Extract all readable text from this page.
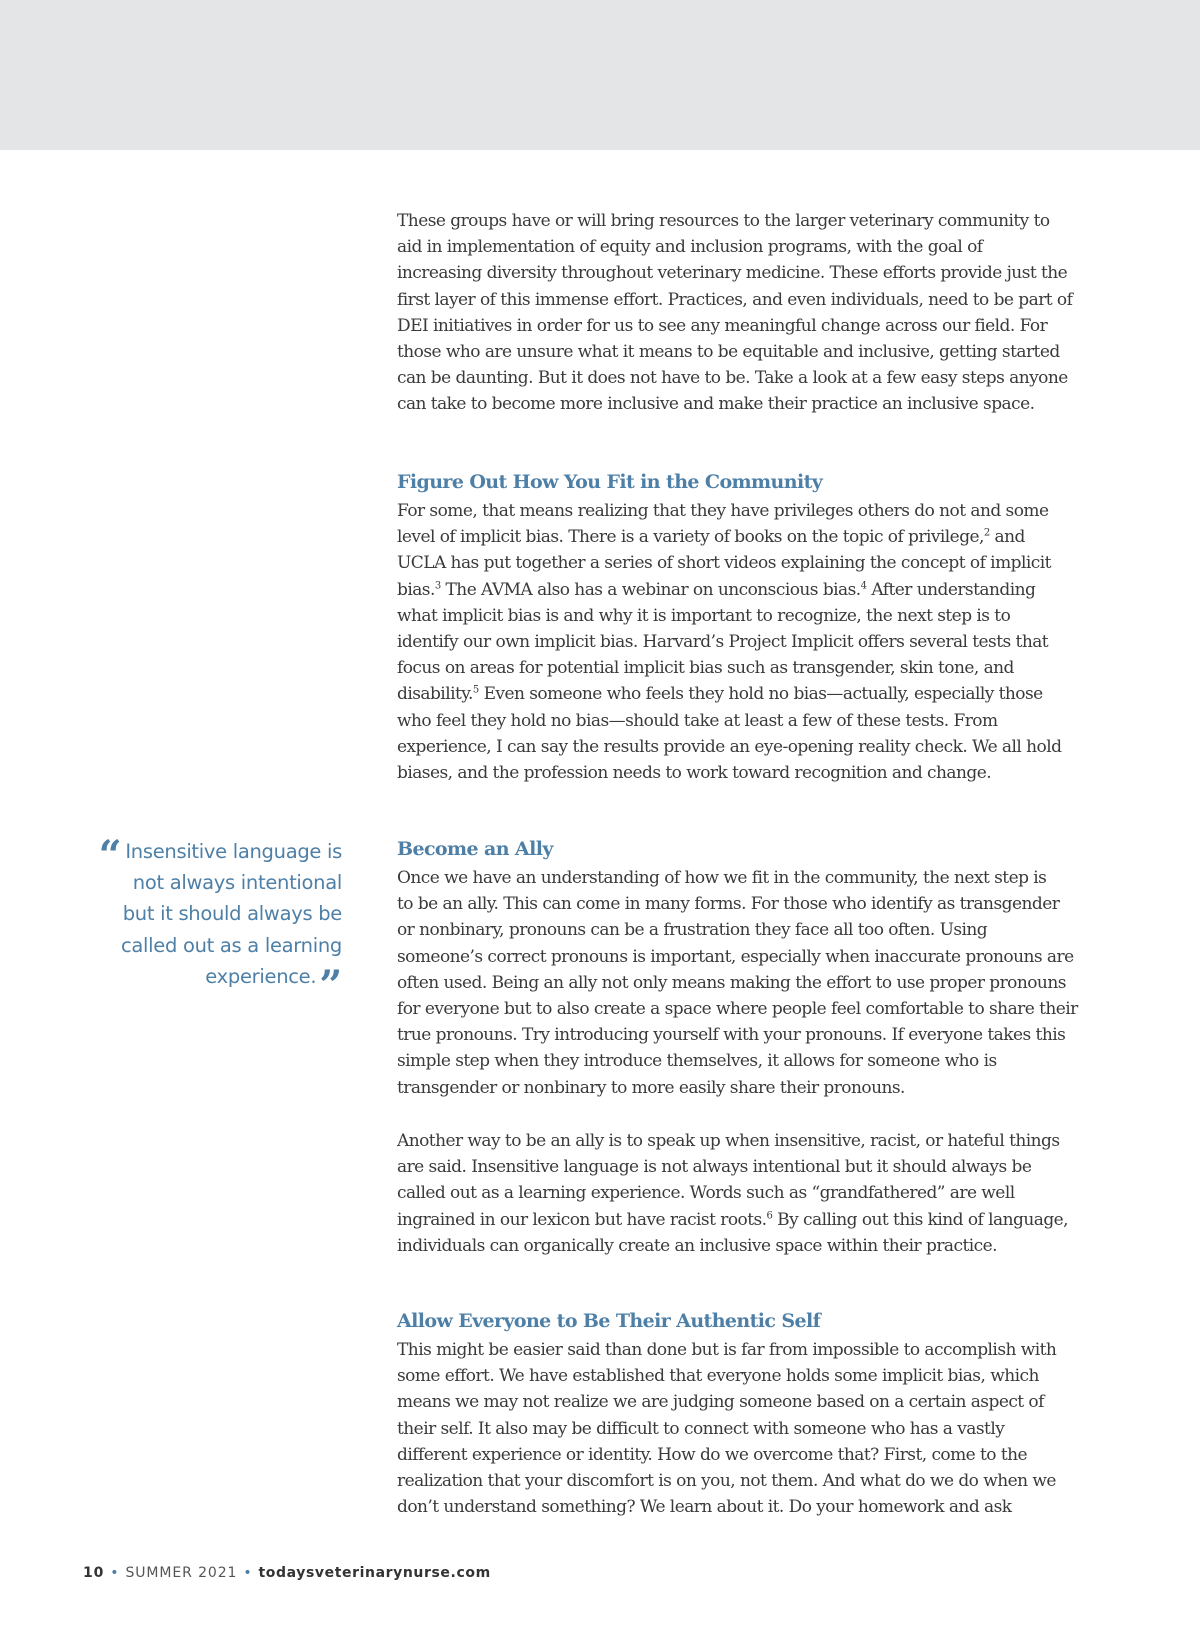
These groups have or will bring resources to the larger veterinary community to
aid in implementation of equity and inclusion programs, with the goal of
increasing diversity throughout veterinary medicine. These efforts provide just the
first layer of this immense effort. Practices, and even individuals, need to be part of
DEI initiatives in order for us to see any meaningful change across our field. For
those who are unsure what it means to be equitable and inclusive, getting started
can be daunting. But it does not have to be. Take a look at a few easy steps anyone
can take to become more inclusive and make their practice an inclusive space.

Figure Out How You Fit in the Community

For some, that means realizing that they have privileges others do not and some
level of implicit bias. There is a variety of books on the topic of privilege,$^2$ and
UCLA has put together a series of short videos explaining the concept of implicit
bias.$^3$ The AVMA also has a webinar on unconscious bias.$^4$ After understanding
what implicit bias is and why it is important to recognize, the next step is to
identify our own implicit bias. Harvard’s Project Implicit offers several tests that
focus on areas for potential implicit bias such as transgender, skin tone, and
disability.$^5$ Even someone who feels they hold no bias—actually, especially those
who feel they hold no bias—should take at least a few of these tests. From
experience, I can say the results provide an eye-opening reality check. We all hold
biases, and the profession needs to work toward recognition and change.

“ Insensitive language is
not always intentional
but it should always be
called out as a learning
experience.”
Become an Ally

Once we have an understanding of how we fit in the community, the next step is
to be an ally. This can come in many forms. For those who identify as transgender
or nonbinary, pronouns can be a frustration they face all too often. Using
someone’s correct pronouns is important, especially when inaccurate pronouns are
often used. Being an ally not only means making the effort to use proper pronouns
for everyone but to also create a space where people feel comfortable to share their
true pronouns. Try introducing yourself with your pronouns. If everyone takes this
simple step when they introduce themselves, it allows for someone who is
transgender or nonbinary to more easily share their pronouns.

Another way to be an ally is to speak up when insensitive, racist, or hateful things
are said. Insensitive language is not always intentional but it should always be
called out as a learning experience. Words such as “grandfathered” are well
ingrained in our lexicon but have racist roots.$^6$ By calling out this kind of language,
individuals can organically create an inclusive space within their practice.

Allow Everyone to Be Their Authentic Self

This might be easier said than done but is far from impossible to accomplish with
some effort. We have established that everyone holds some implicit bias, which
means we may not realize we are judging someone based on a certain aspect of
their self. It also may be difficult to connect with someone who has a vastly
different experience or identity. How do we overcome that? First, come to the
realization that your discomfort is on you, not them. And what do we do when we
don’t understand something? We learn about it. Do your homework and ask

10 • SUMMER 2021 • todaysveterinarynurse.com
